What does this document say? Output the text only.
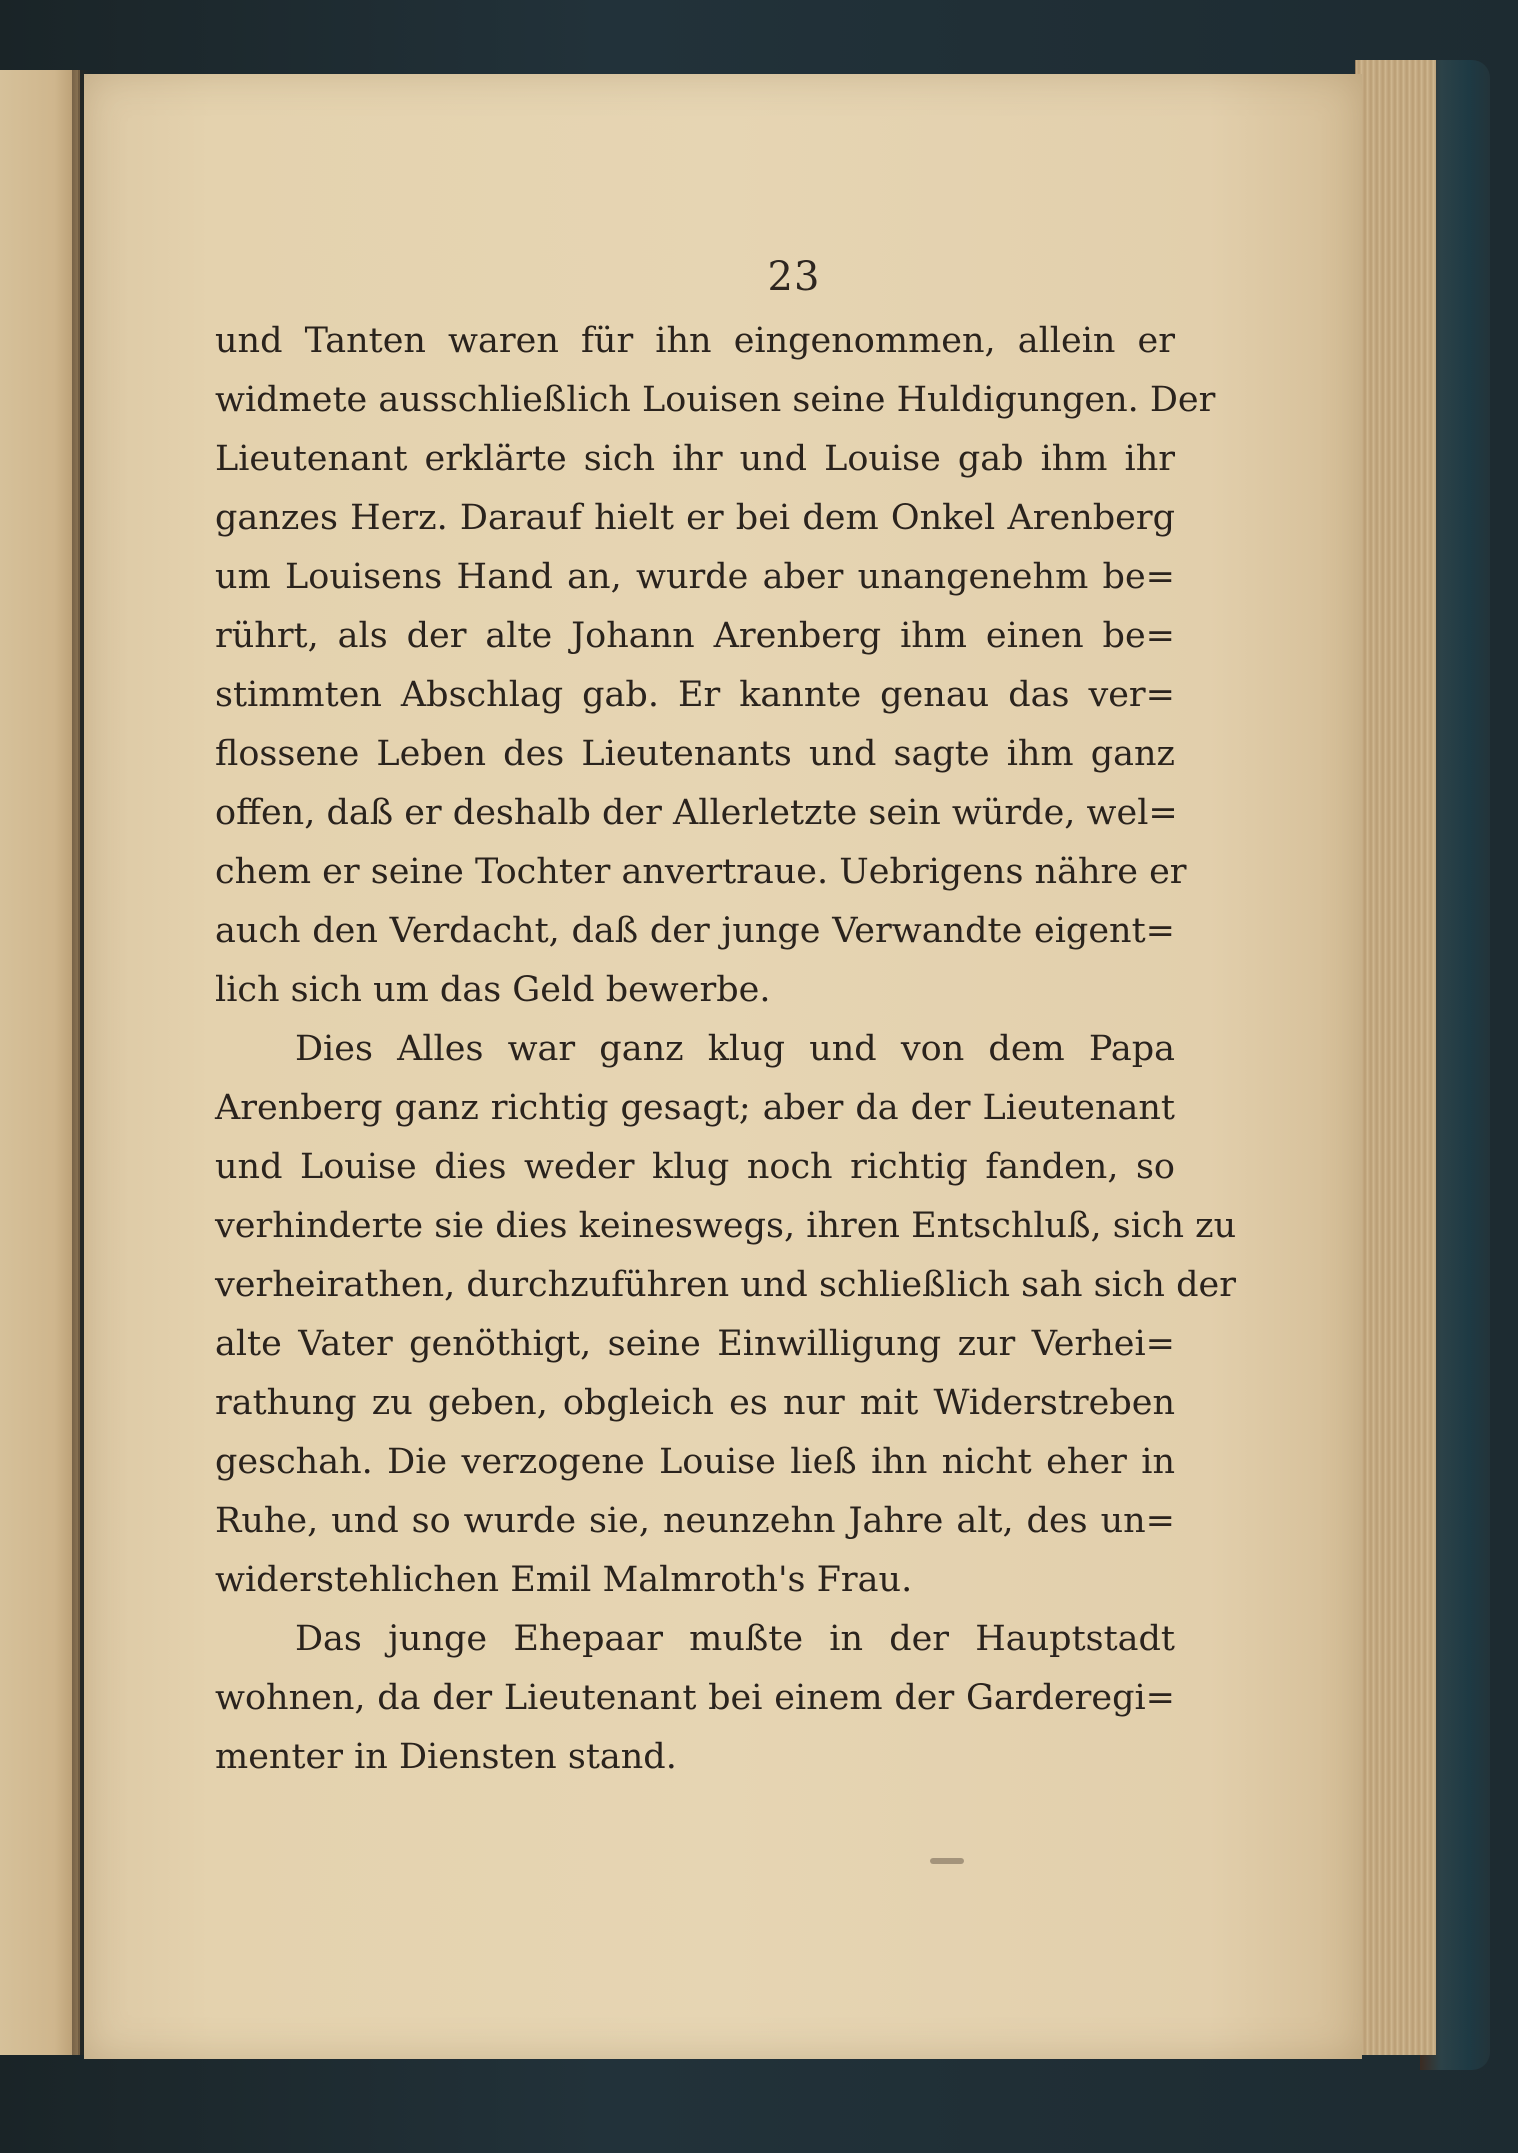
23
und Tanten waren für ihn eingenommen, allein er
widmete ausschließlich Louisen seine Huldigungen. Der
Lieutenant erklärte sich ihr und Louise gab ihm ihr
ganzes Herz. Darauf hielt er bei dem Onkel Arenberg
um Louisens Hand an, wurde aber unangenehm be=
rührt, als der alte Johann Arenberg ihm einen be=
stimmten Abschlag gab. Er kannte genau das ver=
flossene Leben des Lieutenants und sagte ihm ganz
offen, daß er deshalb der Allerletzte sein würde, wel=
chem er seine Tochter anvertraue. Uebrigens nähre er
auch den Verdacht, daß der junge Verwandte eigent=
lich sich um das Geld bewerbe.
Dies Alles war ganz klug und von dem Papa
Arenberg ganz richtig gesagt; aber da der Lieutenant
und Louise dies weder klug noch richtig fanden, so
verhinderte sie dies keineswegs, ihren Entschluß, sich zu
verheirathen, durchzuführen und schließlich sah sich der
alte Vater genöthigt, seine Einwilligung zur Verhei=
rathung zu geben, obgleich es nur mit Widerstreben
geschah. Die verzogene Louise ließ ihn nicht eher in
Ruhe, und so wurde sie, neunzehn Jahre alt, des un=
widerstehlichen Emil Malmroth's Frau.
Das junge Ehepaar mußte in der Hauptstadt
wohnen, da der Lieutenant bei einem der Garderegi=
menter in Diensten stand.
